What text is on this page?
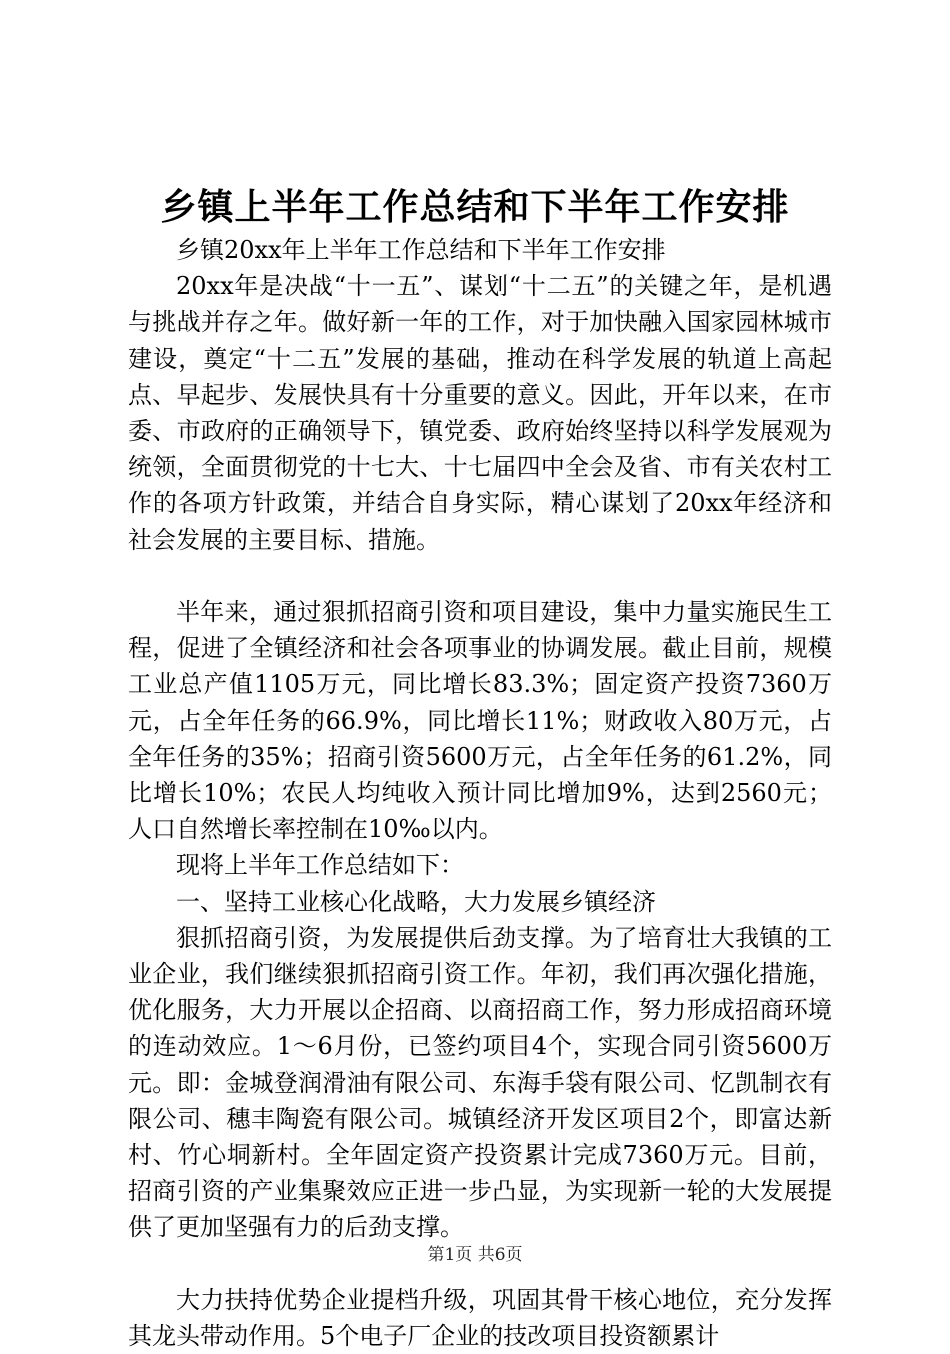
乡镇上半年工作总结和下半年工作安排

乡镇20xx年上半年工作总结和下半年工作安排

20xx年是决战“十一五”、谋划“十二五”的关键之年，是机遇与挑战并存之年。做好新一年的工作，对于加快融入国家园林城市建设，奠定“十二五”发展的基础，推动在科学发展的轨道上高起点、早起步、发展快具有十分重要的意义。因此，开年以来，在市委、市政府的正确领导下，镇党委、政府始终坚持以科学发展观为统领，全面贯彻党的十七大、十七届四中全会及省、市有关农村工作的各项方针政策，并结合自身实际，精心谋划了20xx年经济和社会发展的主要目标、措施。

半年来，通过狠抓招商引资和项目建设，集中力量实施民生工程，促进了全镇经济和社会各项事业的协调发展。截止目前，规模工业总产值1105万元，同比增长83.3%；固定资产投资7360万元，占全年任务的66.9%，同比增长11%；财政收入80万元，占全年任务的35%；招商引资5600万元，占全年任务的61.2%，同比增长10%；农民人均纯收入预计同比增加9%，达到2560元；人口自然增长率控制在10‰以内。

现将上半年工作总结如下：

一、坚持工业核心化战略，大力发展乡镇经济

狠抓招商引资，为发展提供后劲支撑。为了培育壮大我镇的工业企业，我们继续狠抓招商引资工作。年初，我们再次强化措施，优化服务，大力开展以企招商、以商招商工作，努力形成招商环境的连动效应。1～6月份，已签约项目4个，实现合同引资5600万元。即：金城登润滑油有限公司、东海手袋有限公司、忆凯制衣有限公司、穗丰陶瓷有限公司。城镇经济开发区项目2个，即富达新村、竹心垌新村。全年固定资产投资累计完成7360万元。目前，招商引资的产业集聚效应正进一步凸显，为实现新一轮的大发展提供了更加坚强有力的后劲支撑。

大力扶持优势企业提档升级，巩固其骨干核心地位，充分发挥其龙头带动作用。5个电子厂企业的技改项目投资额累计

第1页 共6页
